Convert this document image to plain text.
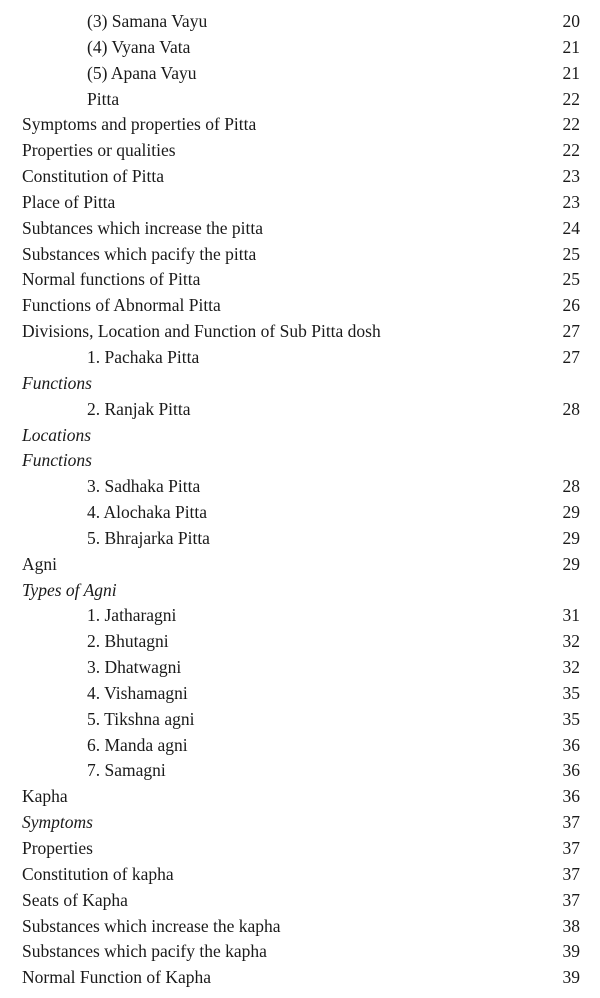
(3) Samana Vayu	20
(4) Vyana Vata	21
(5) Apana Vayu	21
Pitta	22
Symptoms and properties of Pitta	22
Properties or qualities	22
Constitution of Pitta	23
Place of Pitta	23
Subtances which increase the pitta	24
Substances which pacify the pitta	25
Normal functions of Pitta	25
Functions of Abnormal Pitta	26
Divisions, Location and Function of Sub Pitta dosh	27
1. Pachaka Pitta	27
Functions
2. Ranjak Pitta	28
Locations
Functions
3. Sadhaka Pitta	28
4. Alochaka Pitta	29
5. Bhrajarka Pitta	29
Agni	29
Types of Agni
1. Jatharagni	31
2. Bhutagni	32
3. Dhatwagni	32
4. Vishamagni	35
5. Tikshna agni	35
6. Manda agni	36
7. Samagni	36
Kapha	36
Symptoms	37
Properties	37
Constitution of kapha	37
Seats of Kapha	37
Substances which increase the kapha	38
Substances which pacify the kapha	39
Normal Function of Kapha	39
